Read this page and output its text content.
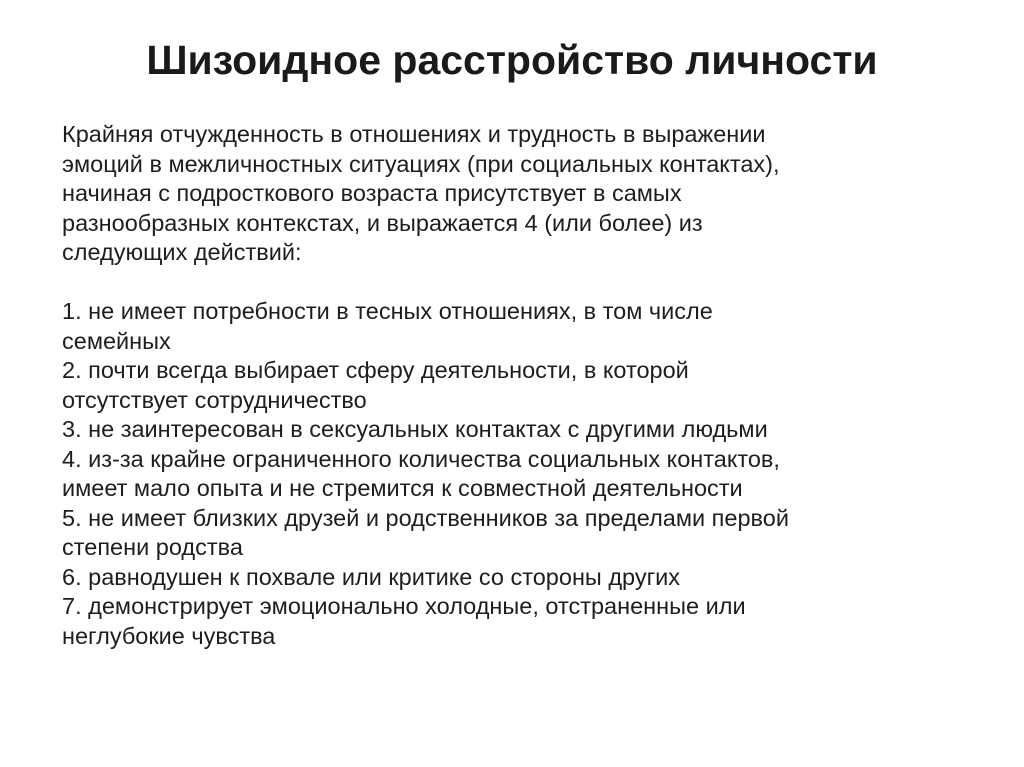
Шизоидное расстройство личности
Крайняя отчужденность в отношениях и трудность в выражении
эмоций в межличностных ситуациях (при социальных контактах),
начиная с подросткового возраста присутствует в самых
разнообразных контекстах, и выражается 4 (или более) из
следующих действий:
1. не имеет потребности в тесных отношениях, в том числе
семейных
2. почти всегда выбирает сферу деятельности, в которой
отсутствует сотрудничество
3. не заинтересован в сексуальных контактах с другими людьми
4. из-за крайне ограниченного количества социальных контактов,
имеет мало опыта и не стремится к совместной деятельности
5. не имеет близких друзей и родственников за пределами первой
степени родства
6. равнодушен к похвале или критике со стороны других
7. демонстрирует эмоционально холодные, отстраненные или
неглубокие чувства
